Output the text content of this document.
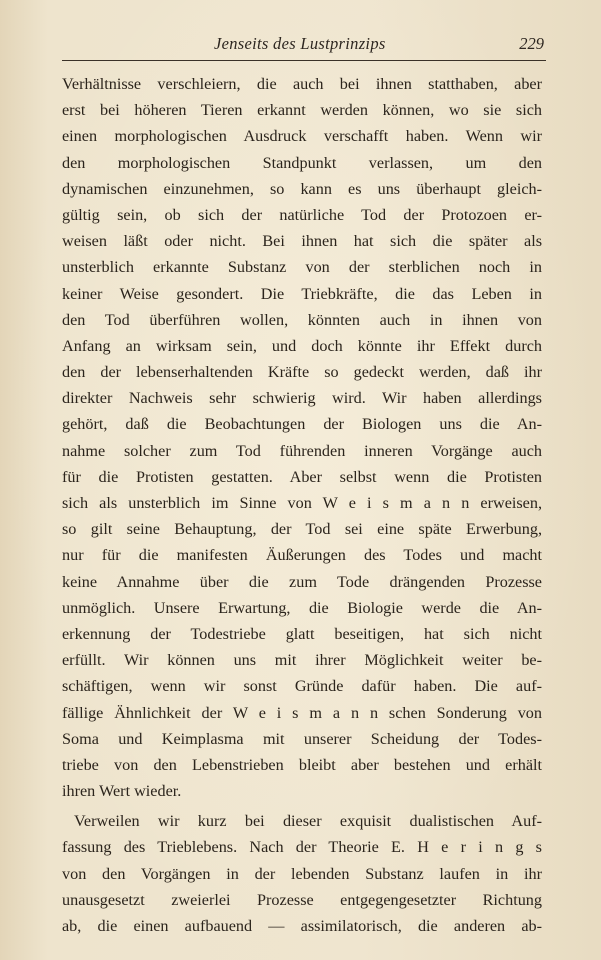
Jenseits des Lustprinzips	229
Verhältnisse verschleiern, die auch bei ihnen statthaben, aber
erst bei höheren Tieren erkannt werden können, wo sie sich
einen morphologischen Ausdruck verschafft haben. Wenn wir
den morphologischen Standpunkt verlassen, um den
dynamischen einzunehmen, so kann es uns überhaupt gleich-
gültig sein, ob sich der natürliche Tod der Protozoen er-
weisen läßt oder nicht. Bei ihnen hat sich die später als
unsterblich erkannte Substanz von der sterblichen noch in
keiner Weise gesondert. Die Triebkräfte, die das Leben in
den Tod überführen wollen, könnten auch in ihnen von
Anfang an wirksam sein, und doch könnte ihr Effekt durch
den der lebenserhaltenden Kräfte so gedeckt werden, daß ihr
direkter Nachweis sehr schwierig wird. Wir haben allerdings
gehört, daß die Beobachtungen der Biologen uns die An-
nahme solcher zum Tod führenden inneren Vorgänge auch
für die Protisten gestatten. Aber selbst wenn die Protisten
sich als unsterblich im Sinne von W e i s m a n n erweisen,
so gilt seine Behauptung, der Tod sei eine späte Erwerbung,
nur für die manifesten Äußerungen des Todes und macht
keine Annahme über die zum Tode drängenden Prozesse
unmöglich. Unsere Erwartung, die Biologie werde die An-
erkennung der Todestriebe glatt beseitigen, hat sich nicht
erfüllt. Wir können uns mit ihrer Möglichkeit weiter be-
schäftigen, wenn wir sonst Gründe dafür haben. Die auf-
fällige Ähnlichkeit der W e i s m a n n schen Sonderung von
Soma und Keimplasma mit unserer Scheidung der Todes-
triebe von den Lebenstrieben bleibt aber bestehen und erhält
ihren Wert wieder.
Verweilen wir kurz bei dieser exquisit dualistischen Auf-
fassung des Trieblebens. Nach der Theorie E. H e r i n g s
von den Vorgängen in der lebenden Substanz laufen in ihr
unausgesetzt zweierlei Prozesse entgegengesetzter Richtung
ab, die einen aufbauend — assimilatorisch, die anderen ab-
